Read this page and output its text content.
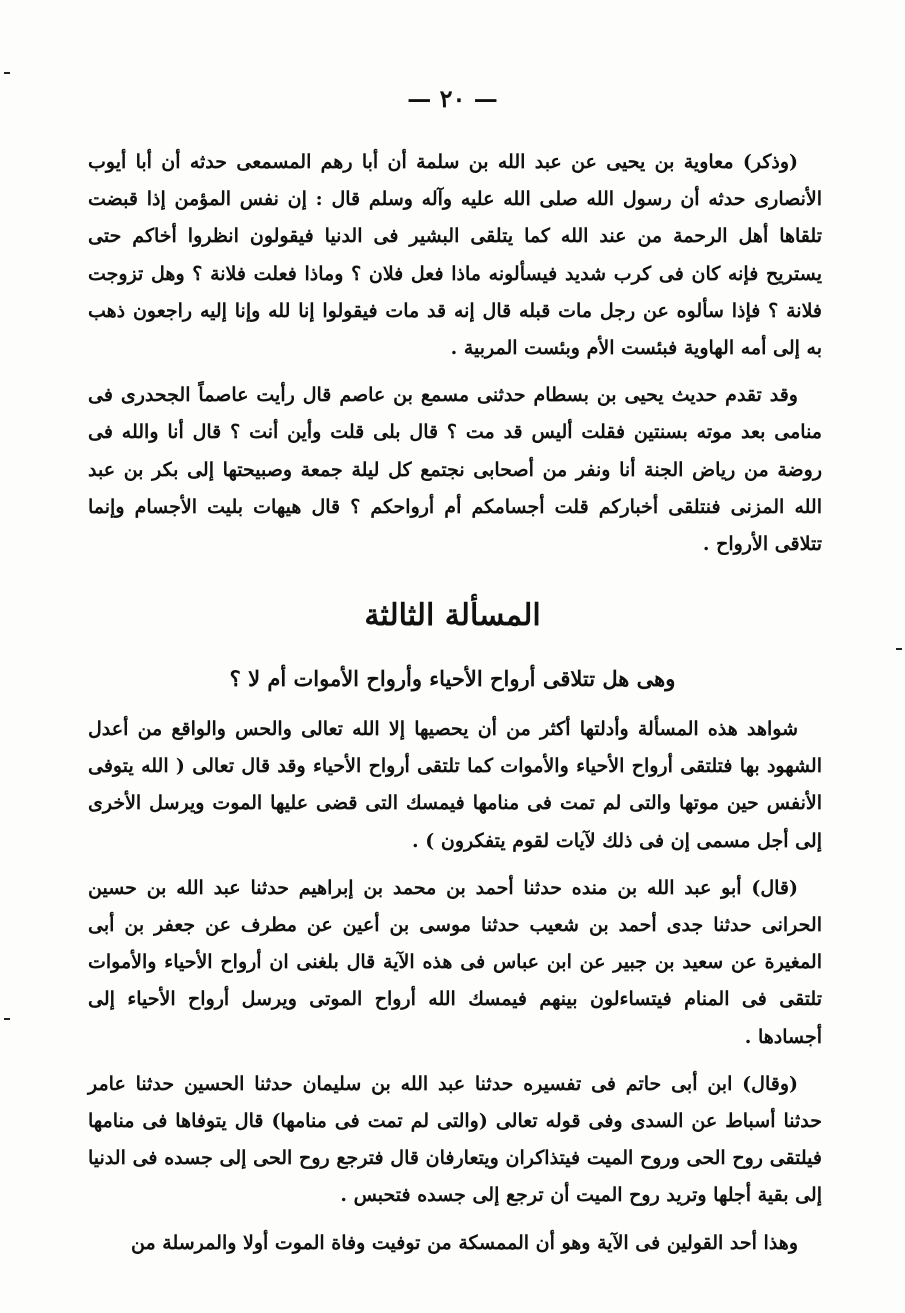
— ٢٠ —

(وذكر) معاوية بن يحيى عن عبد الله بن سلمة أن أبا رهم المسمعى حدثه أن أبا أيوب الأنصارى حدثه أن رسول الله صلى الله عليه وآله وسلم قال : إن نفس المؤمن إذا قبضت تلقاها أهل الرحمة من عند الله كما يتلقى البشير فى الدنيا فيقولون انظروا أخاكم حتى يستريح فإنه كان فى كرب شديد فيسألونه ماذا فعل فلان ؟ وماذا فعلت فلانة ؟ وهل تزوجت فلانة ؟ فإذا سألوه عن رجل مات قبله قال إنه قد مات فيقولوا إنا لله وإنا إليه راجعون ذهب به إلى أمه الهاوية فبئست الأم وبئست المربية .

وقد تقدم حديث يحيى بن بسطام حدثنى مسمع بن عاصم قال رأيت عاصماً الجحدرى فى منامى بعد موته بسنتين فقلت أليس قد مت ؟ قال بلى قلت وأين أنت ؟ قال أنا والله فى روضة من رياض الجنة أنا ونفر من أصحابى نجتمع كل ليلة جمعة وصبيحتها إلى بكر بن عبد الله المزنى فنتلقى أخباركم قلت أجسامكم أم أرواحكم ؟ قال هيهات بليت الأجسام وإنما تتلاقى الأرواح .

المسألة الثالثة
وهى هل تتلاقى أرواح الأحياء وأرواح الأموات أم لا ؟

شواهد هذه المسألة وأدلتها أكثر من أن يحصيها إلا الله تعالى والحس والواقع من أعدل الشهود بها فتلتقى أرواح الأحياء والأموات كما تلتقى أرواح الأحياء وقد قال تعالى ( الله يتوفى الأنفس حين موتها والتى لم تمت فى منامها فيمسك التى قضى عليها الموت ويرسل الأخرى إلى أجل مسمى إن فى ذلك لآيات لقوم يتفكرون ) .

(قال) أبو عبد الله بن منده حدثنا أحمد بن محمد بن إبراهيم حدثنا عبد الله بن حسين الحرانى حدثنا جدى أحمد بن شعيب حدثنا موسى بن أعين عن مطرف عن جعفر بن أبى المغيرة عن سعيد بن جبير عن ابن عباس فى هذه الآية قال بلغنى ان أرواح الأحياء والأموات تلتقى فى المنام فيتساءلون بينهم فيمسك الله أرواح الموتى ويرسل أرواح الأحياء إلى أجسادها .

(وقال) ابن أبى حاتم فى تفسيره حدثنا عبد الله بن سليمان حدثنا الحسين حدثنا عامر حدثنا أسباط عن السدى وفى قوله تعالى (والتى لم تمت فى منامها) قال يتوفاها فى منامها فيلتقى روح الحى وروح الميت فيتذاكران ويتعارفان قال فترجع روح الحى إلى جسده فى الدنيا إلى بقية أجلها وتريد روح الميت أن ترجع إلى جسده فتحبس .

وهذا أحد القولين فى الآية وهو أن الممسكة من توفيت وفاة الموت أولا والمرسلة من
